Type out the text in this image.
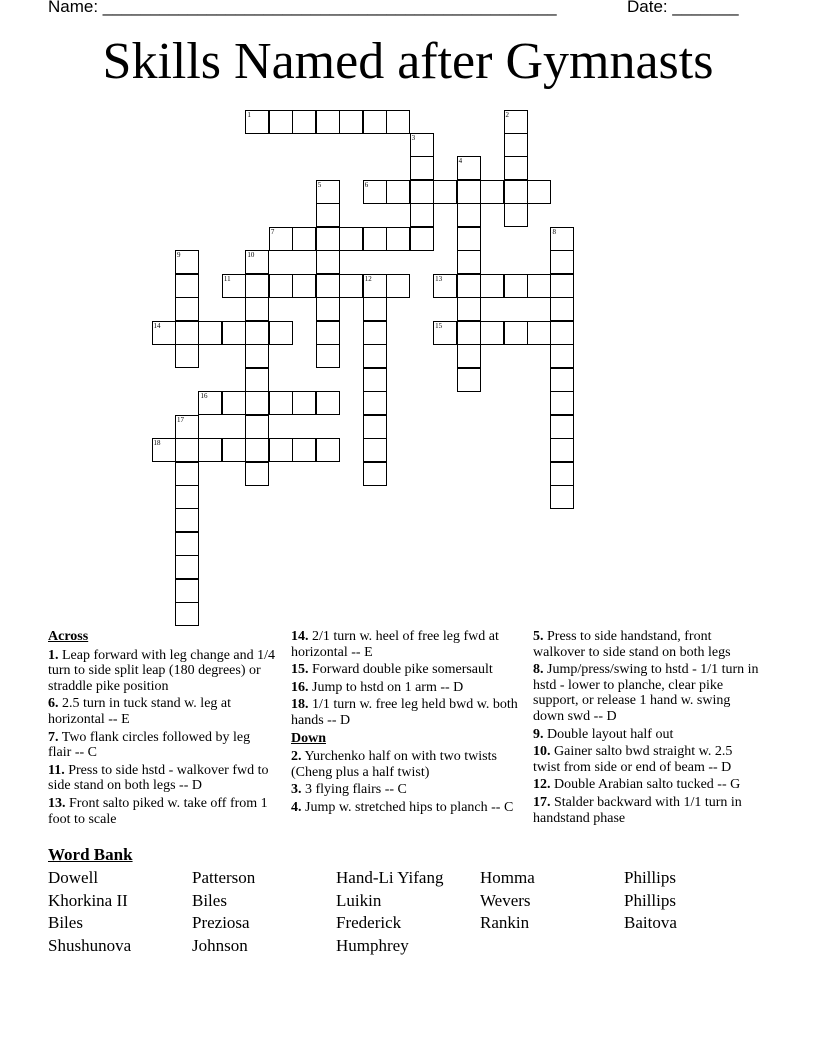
Name: ________________________________________________	Date: _______
Skills Named after Gymnasts
1	2
3
4
5	6
7	8
9	10
11	12	13
14	15
16
17
18
Across
1. Leap forward with leg change and 1/4 turn to side split leap (180 degrees) or straddle pike position
6. 2.5 turn in tuck stand w. leg at horizontal -- E
7. Two flank circles followed by leg flair -- C
11. Press to side hstd - walkover fwd to side stand on both legs -- D
13. Front salto piked w. take off from 1 foot to scale
14. 2/1 turn w. heel of free leg fwd at horizontal -- E
15. Forward double pike somersault
16. Jump to hstd on 1 arm -- D
18. 1/1 turn w. free leg held bwd w. both hands -- D
Down
2. Yurchenko half on with two twists (Cheng plus a half twist)
3. 3 flying flairs -- C
4. Jump w. stretched hips to planch -- C
5. Press to side handstand, front walkover to side stand on both legs
8. Jump/press/swing to hstd - 1/1 turn in hstd - lower to planche, clear pike support, or release 1 hand w. swing down swd -- D
9. Double layout half out
10. Gainer salto bwd straight w. 2.5 twist from side or end of beam -- D
12. Double Arabian salto tucked -- G
17. Stalder backward with 1/1 turn in handstand phase
Word Bank
Dowell
Khorkina II
Biles
Shushunova
Patterson
Biles
Preziosa
Johnson
Hand-Li Yifang
Luikin
Frederick
Humphrey
Homma
Wevers
Rankin
Phillips
Phillips
Baitova
